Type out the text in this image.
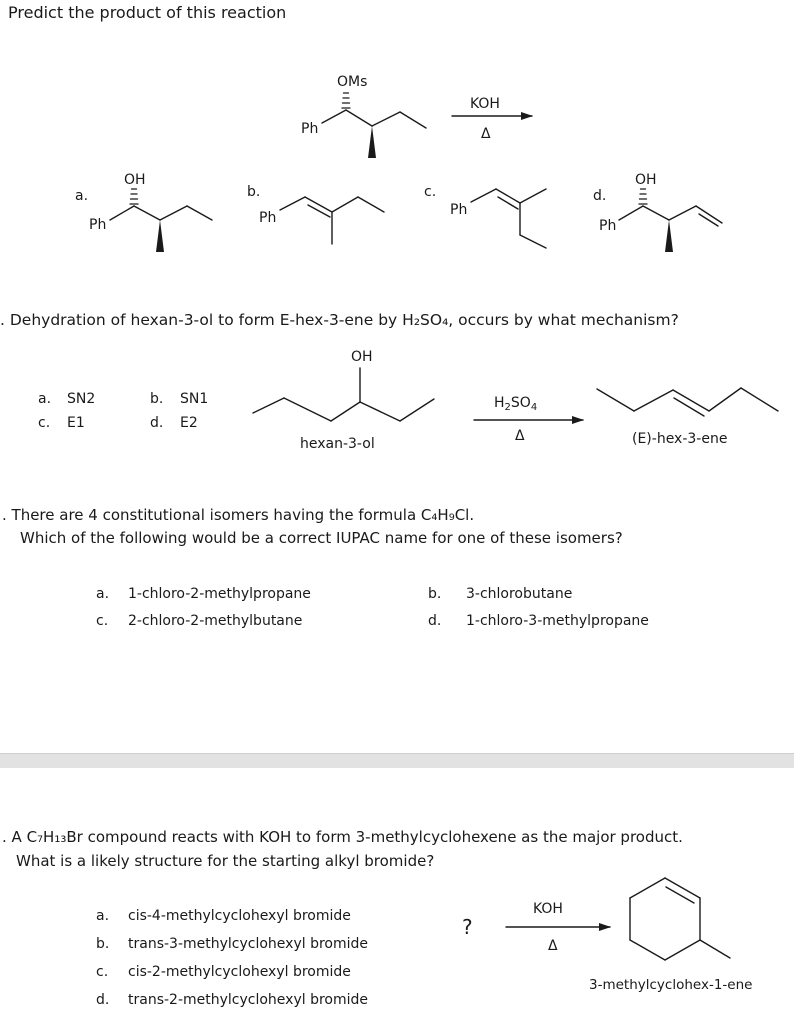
Predict the product of this reaction
OMs
Ph
KOH
Δ
a.
OH
Ph
b.
Ph
c.
Ph
d.
OH
Ph
. Dehydration of hexan-3-ol to form E-hex-3-ene by H₂SO₄, occurs by what mechanism?
OH
a. SN2	b. SN1
c. E1	d. E2
$H_2SO_4$
Δ
hexan-3-ol	(E)-hex-3-ene
. There are 4 constitutional isomers having the formula C₄H₉Cl.
Which of the following would be a correct IUPAC name for one of these isomers?
a. 1-chloro-2-methylpropane	b. 3-chlorobutane
c. 2-chloro-2-methylbutane	d. 1-chloro-3-methylpropane
. A C₇H₁₃Br compound reacts with KOH to form 3-methylcyclohexene as the major product.
What is a likely structure for the starting alkyl bromide?
a. cis-4-methylcyclohexyl bromide
b. trans-3-methylcyclohexyl bromide
c. cis-2-methylcyclohexyl bromide
d. trans-2-methylcyclohexyl bromide
?
KOH
Δ
3-methylcyclohex-1-ene
